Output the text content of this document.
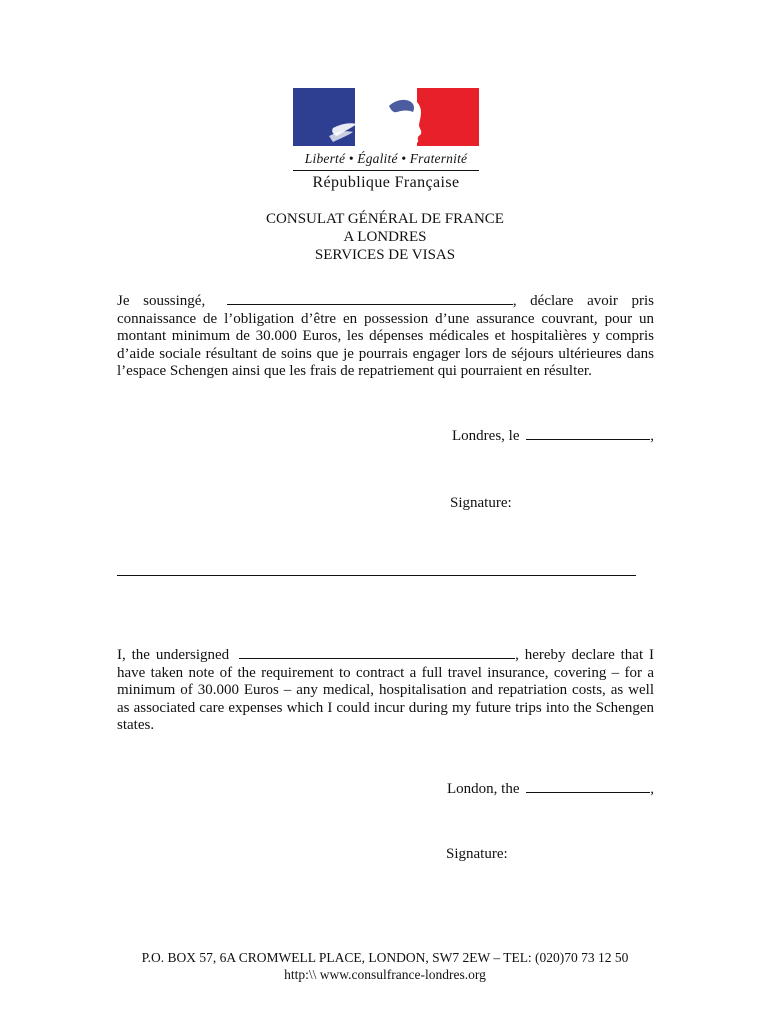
Liberté • Égalité • Fraternité
République Française
CONSULAT GÉNÉRAL DE FRANCE
A LONDRES
SERVICES DE VISAS
Je soussingé,	, déclare avoir pris connaissance de l’obligation d’être en possession d’une assurance couvrant, pour un montant minimum de 30.000 Euros, les dépenses médicales et hospitalières y compris d’aide sociale résultant de soins que je pourrais engager lors de séjours ultérieures dans l’espace Schengen ainsi que les frais de repatriement qui pourraient en résulter.
Londres, le	,
Signature:
I, the undersigned	, hereby declare that I have taken note of the requirement to contract a full travel insurance, covering – for a minimum of 30.000 Euros – any medical, hospitalisation and repatriation costs, as well as associated care expenses which I could incur during my future trips into the Schengen states.
London, the	,
Signature:
P.O. BOX 57, 6A CROMWELL PLACE, LONDON, SW7 2EW – TEL: (020)70 73 12 50
http:\\ www.consulfrance-londres.org
